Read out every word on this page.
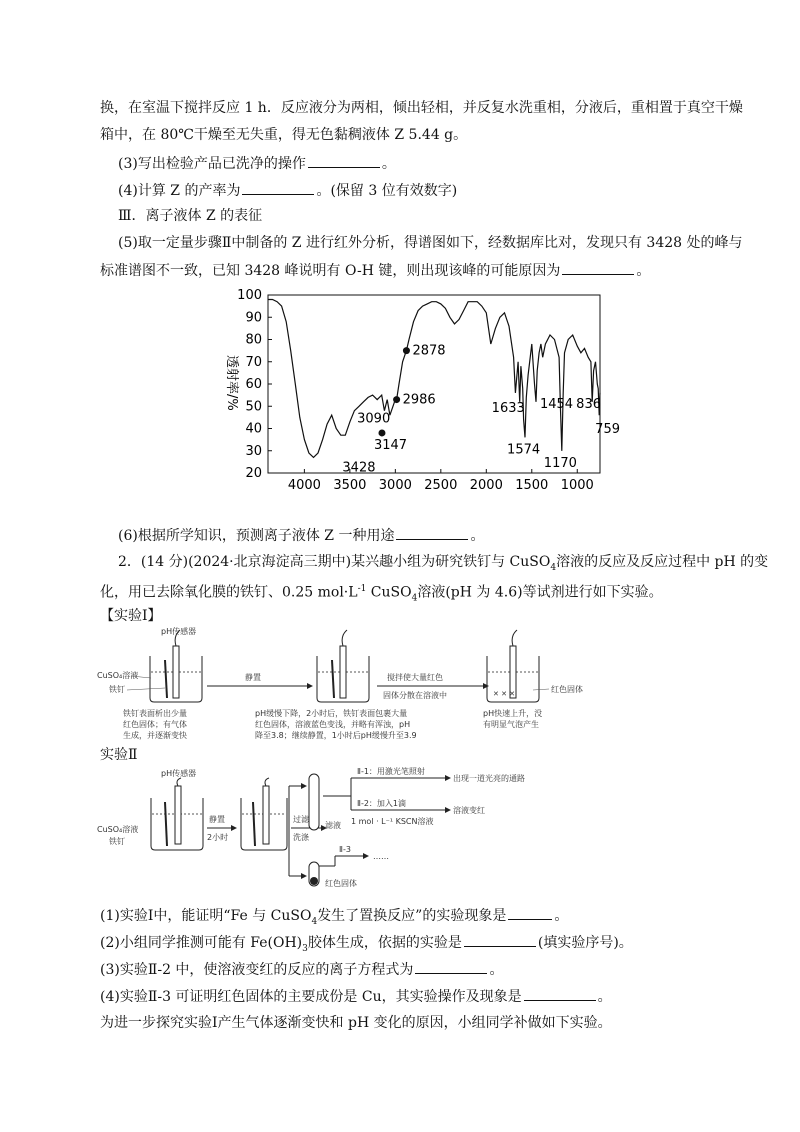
换，在室温下搅拌反应 1 h．反应液分为两相，倾出轻相，并反复水洗重相，分液后，重相置于真空干燥
箱中，在 80℃干燥至无失重，得无色黏稠液体 Z 5.44 g。
(3)写出检验产品已洗净的操作	。
(4)计算 Z 的产率为	。(保留 3 位有效数字)
Ⅲ．离子液体 Z 的表征
(5)取一定量步骤Ⅱ中制备的 Z 进行红外分析，得谱图如下，经数据库比对，发现只有 3428 处的峰与
标准谱图不一致，已知 3428 峰说明有 O-H 键，则出现该峰的可能原因为	。
100
90
80
70
60
50
40
30
20
4000 3500 3000 2500 2000 1500 1000
3428
3090
3147
2986
2878
1633
1574
1454
1170
836
759
透射率/%
(6)根据所学知识，预测离子液体 Z 一种用途	。
2．(14 分)(2024·北京海淀高三期中)某兴趣小组为研究铁钉与 CuSO$_4$溶液的反应及反应过程中 pH 的变
化，用已去除氧化膜的铁钉、0.25 $mol\cdot L^{-1}$ CuSO$_4$溶液(pH 为 4.6)等试剂进行如下实验。
【实验Ⅰ】
pH传感器
CuSO₄溶液
铁钉
静置	搅拌使大量红色
固体分散在溶液中	✕ ✕ ✕	红色固体
铁钉表面析出少量
红色固体；有气体
生成，并逐渐变快
pH缓慢下降，2小时后，铁钉表面包裹大量
红色固体，溶液蓝色变浅，并略有浑浊，pH
降至3.8；继续静置，1小时后pH缓慢升至3.9
pH快速上升，没
有明显气泡产生
实验Ⅱ
pH传感器
CuSO₄溶液
铁钉
静置
2小时
过滤
洗涤
滤液
Ⅱ-1：用激光笔照射
出现一道光亮的通路
Ⅱ-2：加入1滴
1 mol · L⁻¹ KSCN溶液
溶液变红
红色固体
Ⅱ-3
……
(1)实验Ⅰ中，能证明“Fe 与 CuSO$_4$发生了置换反应”的实验现象是	。
(2)小组同学推测可能有 $Fe(OH)_3$胶体生成，依据的实验是	(填实验序号)。
(3)实验Ⅱ-2 中，使溶液变红的反应的离子方程式为	。
(4)实验Ⅱ-3 可证明红色固体的主要成份是 Cu，其实验操作及现象是	。
为进一步探究实验Ⅰ产生气体逐渐变快和 pH 变化的原因，小组同学补做如下实验。
